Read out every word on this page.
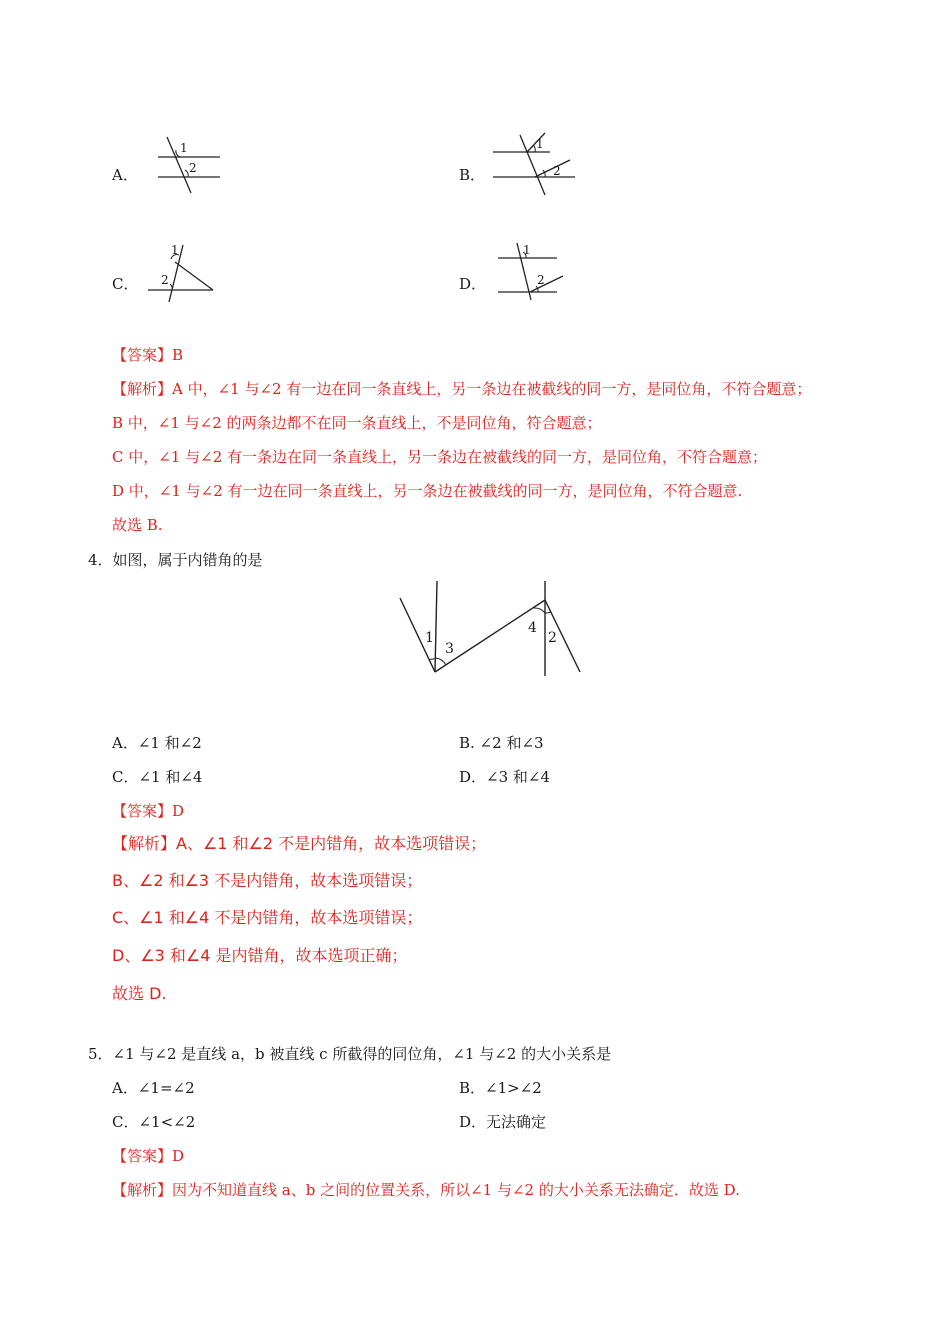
A．
1
2	B．
1
2
C．
1
2	D．
1
2
【答案】B
【解析】A 中，∠1 与∠2 有一边在同一条直线上，另一条边在被截线的同一方，是同位角，不符合题意；
B 中，∠1 与∠2 的两条边都不在同一条直线上，不是同位角，符合题意；
C 中，∠1 与∠2 有一条边在同一条直线上，另一条边在被截线的同一方，是同位角，不符合题意；
D 中，∠1 与∠2 有一边在同一条直线上，另一条边在被截线的同一方，是同位角，不符合题意.
故选 B.
4．如图，属于内错角的是
1	2
3
4
A．∠1 和∠2	B. ∠2 和∠3
C．∠1 和∠4	D．∠3 和∠4
【答案】D
【解析】A、∠1 和∠2 不是内错角，故本选项错误；
B、∠2 和∠3 不是内错角，故本选项错误；
C、∠1 和∠4 不是内错角，故本选项错误；
D、∠3 和∠4 是内错角，故本选项正确；
故选 D.
5．∠1 与∠2 是直线 a，b 被直线 c 所截得的同位角，∠1 与∠2 的大小关系是
A．∠1=∠2	B．∠1>∠2
C．∠1<∠2	D．无法确定
【答案】D
【解析】因为不知道直线 a、b 之间的位置关系，所以∠1 与∠2 的大小关系无法确定．故选 D.
